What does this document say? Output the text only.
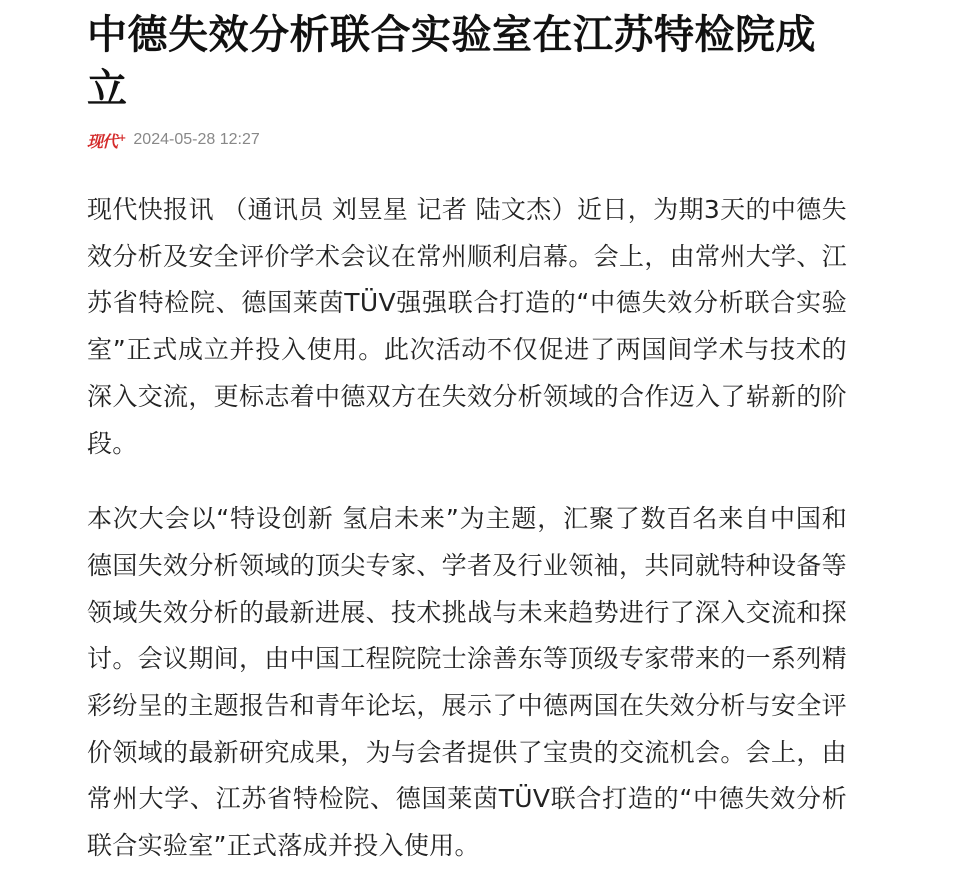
中德失效分析联合实验室在江苏特检院成立
现代+ 2024-05-28 12:27

现代快报讯 （通讯员 刘昱星 记者 陆文杰）近日，为期3天的中德失效分析及安全评价学术会议在常州顺利启幕。会上，由常州大学、江苏省特检院、德国莱茵TÜV强强联合打造的“中德失效分析联合实验室”正式成立并投入使用。此次活动不仅促进了两国间学术与技术的深入交流，更标志着中德双方在失效分析领域的合作迈入了崭新的阶段。

本次大会以“特设创新 氢启未来”为主题，汇聚了数百名来自中国和德国失效分析领域的顶尖专家、学者及行业领袖，共同就特种设备等领域失效分析的最新进展、技术挑战与未来趋势进行了深入交流和探讨。会议期间，由中国工程院院士涂善东等顶级专家带来的一系列精彩纷呈的主题报告和青年论坛，展示了中德两国在失效分析与安全评价领域的最新研究成果，为与会者提供了宝贵的交流机会。会上，由常州大学、江苏省特检院、德国莱茵TÜV联合打造的“中德失效分析联合实验室”正式落成并投入使用。
